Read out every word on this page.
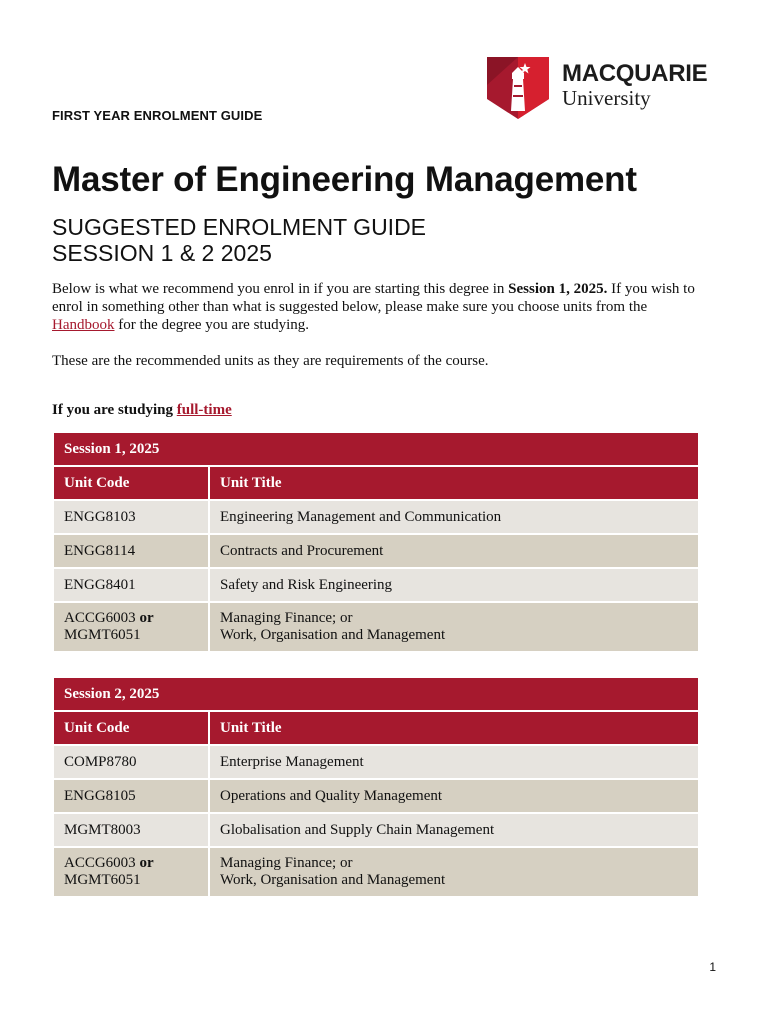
FIRST YEAR ENROLMENT GUIDE
MACQUARIE
University
Master of Engineering Management
SUGGESTED ENROLMENT GUIDE
SESSION 1 & 2 2025

Below is what we recommend you enrol in if you are starting this degree in Session 1, 2025. If you wish to enrol in something other than what is suggested below, please make sure you choose units from the Handbook for the degree you are studying.

These are the recommended units as they are requirements of the course.

If you are studying full-time
Session 1, 2025	
Unit Code	Unit Title
ENGG8103	Engineering Management and Communication
ENGG8114	Contracts and Procurement
ENGG8401	Safety and Risk Engineering
ACCG6003 or
MGMT6051	Managing Finance; or
Work, Organisation and Management
Session 2, 2025	
Unit Code	Unit Title
COMP8780	Enterprise Management
ENGG8105	Operations and Quality Management
MGMT8003	Globalisation and Supply Chain Management
ACCG6003 or
MGMT6051	Managing Finance; or
Work, Organisation and Management
1
